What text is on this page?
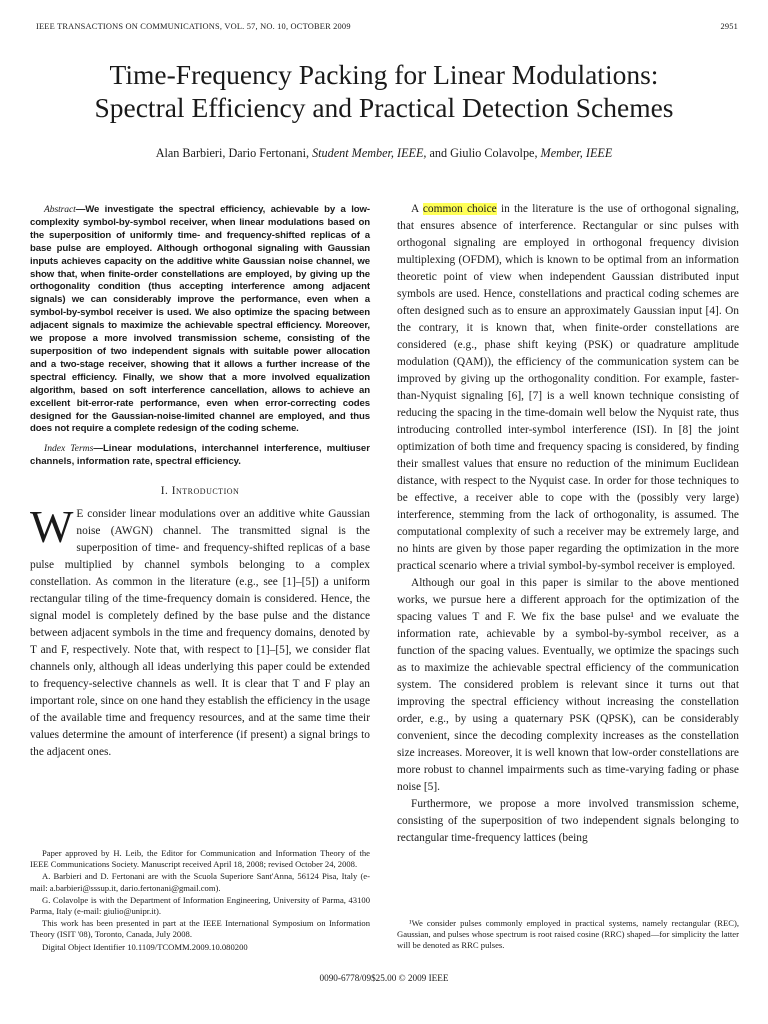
IEEE TRANSACTIONS ON COMMUNICATIONS, VOL. 57, NO. 10, OCTOBER 2009	2951
Time-Frequency Packing for Linear Modulations:
Spectral Efficiency and Practical Detection Schemes
Alan Barbieri, Dario Fertonani, Student Member, IEEE, and Giulio Colavolpe, Member, IEEE
Abstract—We investigate the spectral efficiency, achievable by a low-complexity symbol-by-symbol receiver, when linear modulations based on the superposition of uniformly time- and frequency-shifted replicas of a base pulse are employed. Although orthogonal signaling with Gaussian inputs achieves capacity on the additive white Gaussian noise channel, we show that, when finite-order constellations are employed, by giving up the orthogonality condition (thus accepting interference among adjacent signals) we can considerably improve the performance, even when a symbol-by-symbol receiver is used. We also optimize the spacing between adjacent signals to maximize the achievable spectral efficiency. Moreover, we propose a more involved transmission scheme, consisting of the superposition of two independent signals with suitable power allocation and a two-stage receiver, showing that it allows a further increase of the spectral efficiency. Finally, we show that a more involved equalization algorithm, based on soft interference cancellation, allows to achieve an excellent bit-error-rate performance, even when error-correcting codes designed for the Gaussian-noise-limited channel are employed, and thus does not require a complete redesign of the coding scheme.
Index Terms—Linear modulations, interchannel interference, multiuser channels, information rate, spectral efficiency.
I. Introduction

W E consider linear modulations over an additive white Gaussian noise (AWGN) channel. The transmitted signal is the superposition of time- and frequency-shifted replicas of a base pulse multiplied by channel symbols belonging to a complex constellation. As common in the literature (e.g., see [1]–[5]) a uniform rectangular tiling of the time-frequency domain is considered. Hence, the signal model is completely defined by the base pulse and the distance between adjacent symbols in the time and frequency domains, denoted by T and F, respectively. Note that, with respect to [1]–[5], we consider flat channels only, although all ideas underlying this paper could be extended to frequency-selective channels as well. It is clear that T and F play an important role, since on one hand they establish the efficiency in the usage of the available time and frequency resources, and at the same time their values determine the amount of interference (if present) a signal brings to the adjacent ones.

Paper approved by H. Leib, the Editor for Communication and Information Theory of the IEEE Communications Society. Manuscript received April 18, 2008; revised October 24, 2008.

A. Barbieri and D. Fertonani are with the Scuola Superiore Sant'Anna, 56124 Pisa, Italy (e-mail: a.barbieri@sssup.it, dario.fertonani@gmail.com).

G. Colavolpe is with the Department of Information Engineering, University of Parma, 43100 Parma, Italy (e-mail: giulio@unipr.it).

This work has been presented in part at the IEEE International Symposium on Information Theory (ISIT '08), Toronto, Canada, July 2008.

Digital Object Identifier 10.1109/TCOMM.2009.10.080200

A common choice in the literature is the use of orthogonal signaling, that ensures absence of interference. Rectangular or sinc pulses with orthogonal signaling are employed in orthogonal frequency division multiplexing (OFDM), which is known to be optimal from an information theoretic point of view when independent Gaussian distributed input symbols are used. Hence, constellations and practical coding schemes are often designed such as to ensure an approximately Gaussian input [4]. On the contrary, it is known that, when finite-order constellations are considered (e.g., phase shift keying (PSK) or quadrature amplitude modulation (QAM)), the efficiency of the communication system can be improved by giving up the orthogonality condition. For example, faster-than-Nyquist signaling [6], [7] is a well known technique consisting of reducing the spacing in the time-domain well below the Nyquist rate, thus introducing controlled inter-symbol interference (ISI). In [8] the joint optimization of both time and frequency spacing is considered, by finding their smallest values that ensure no reduction of the minimum Euclidean distance, with respect to the Nyquist case. In order for those techniques to be effective, a receiver able to cope with the (possibly very large) interference, stemming from the lack of orthogonality, is assumed. The computational complexity of such a receiver may be extremely large, and no hints are given by those paper regarding the optimization in the more practical scenario where a trivial symbol-by-symbol receiver is employed.

Although our goal in this paper is similar to the above mentioned works, we pursue here a different approach for the optimization of the spacing values T and F. We fix the base pulse¹ and we evaluate the information rate, achievable by a symbol-by-symbol receiver, as a function of the spacing values. Eventually, we optimize the spacings such as to maximize the achievable spectral efficiency of the communication system. The considered problem is relevant since it turns out that improving the spectral efficiency without increasing the constellation order, e.g., by using a quaternary PSK (QPSK), can be considerably convenient, since the decoding complexity increases as the constellation size increases. Moreover, it is well known that low-order constellations are more robust to channel impairments such as time-varying fading or phase noise [5].

Furthermore, we propose a more involved transmission scheme, consisting of the superposition of two independent signals belonging to rectangular time-frequency lattices (being

¹We consider pulses commonly employed in practical systems, namely rectangular (REC), Gaussian, and pulses whose spectrum is root raised cosine (RRC) shaped—for simplicity the latter will be denoted as RRC pulses.

0090-6778/09$25.00 © 2009 IEEE
